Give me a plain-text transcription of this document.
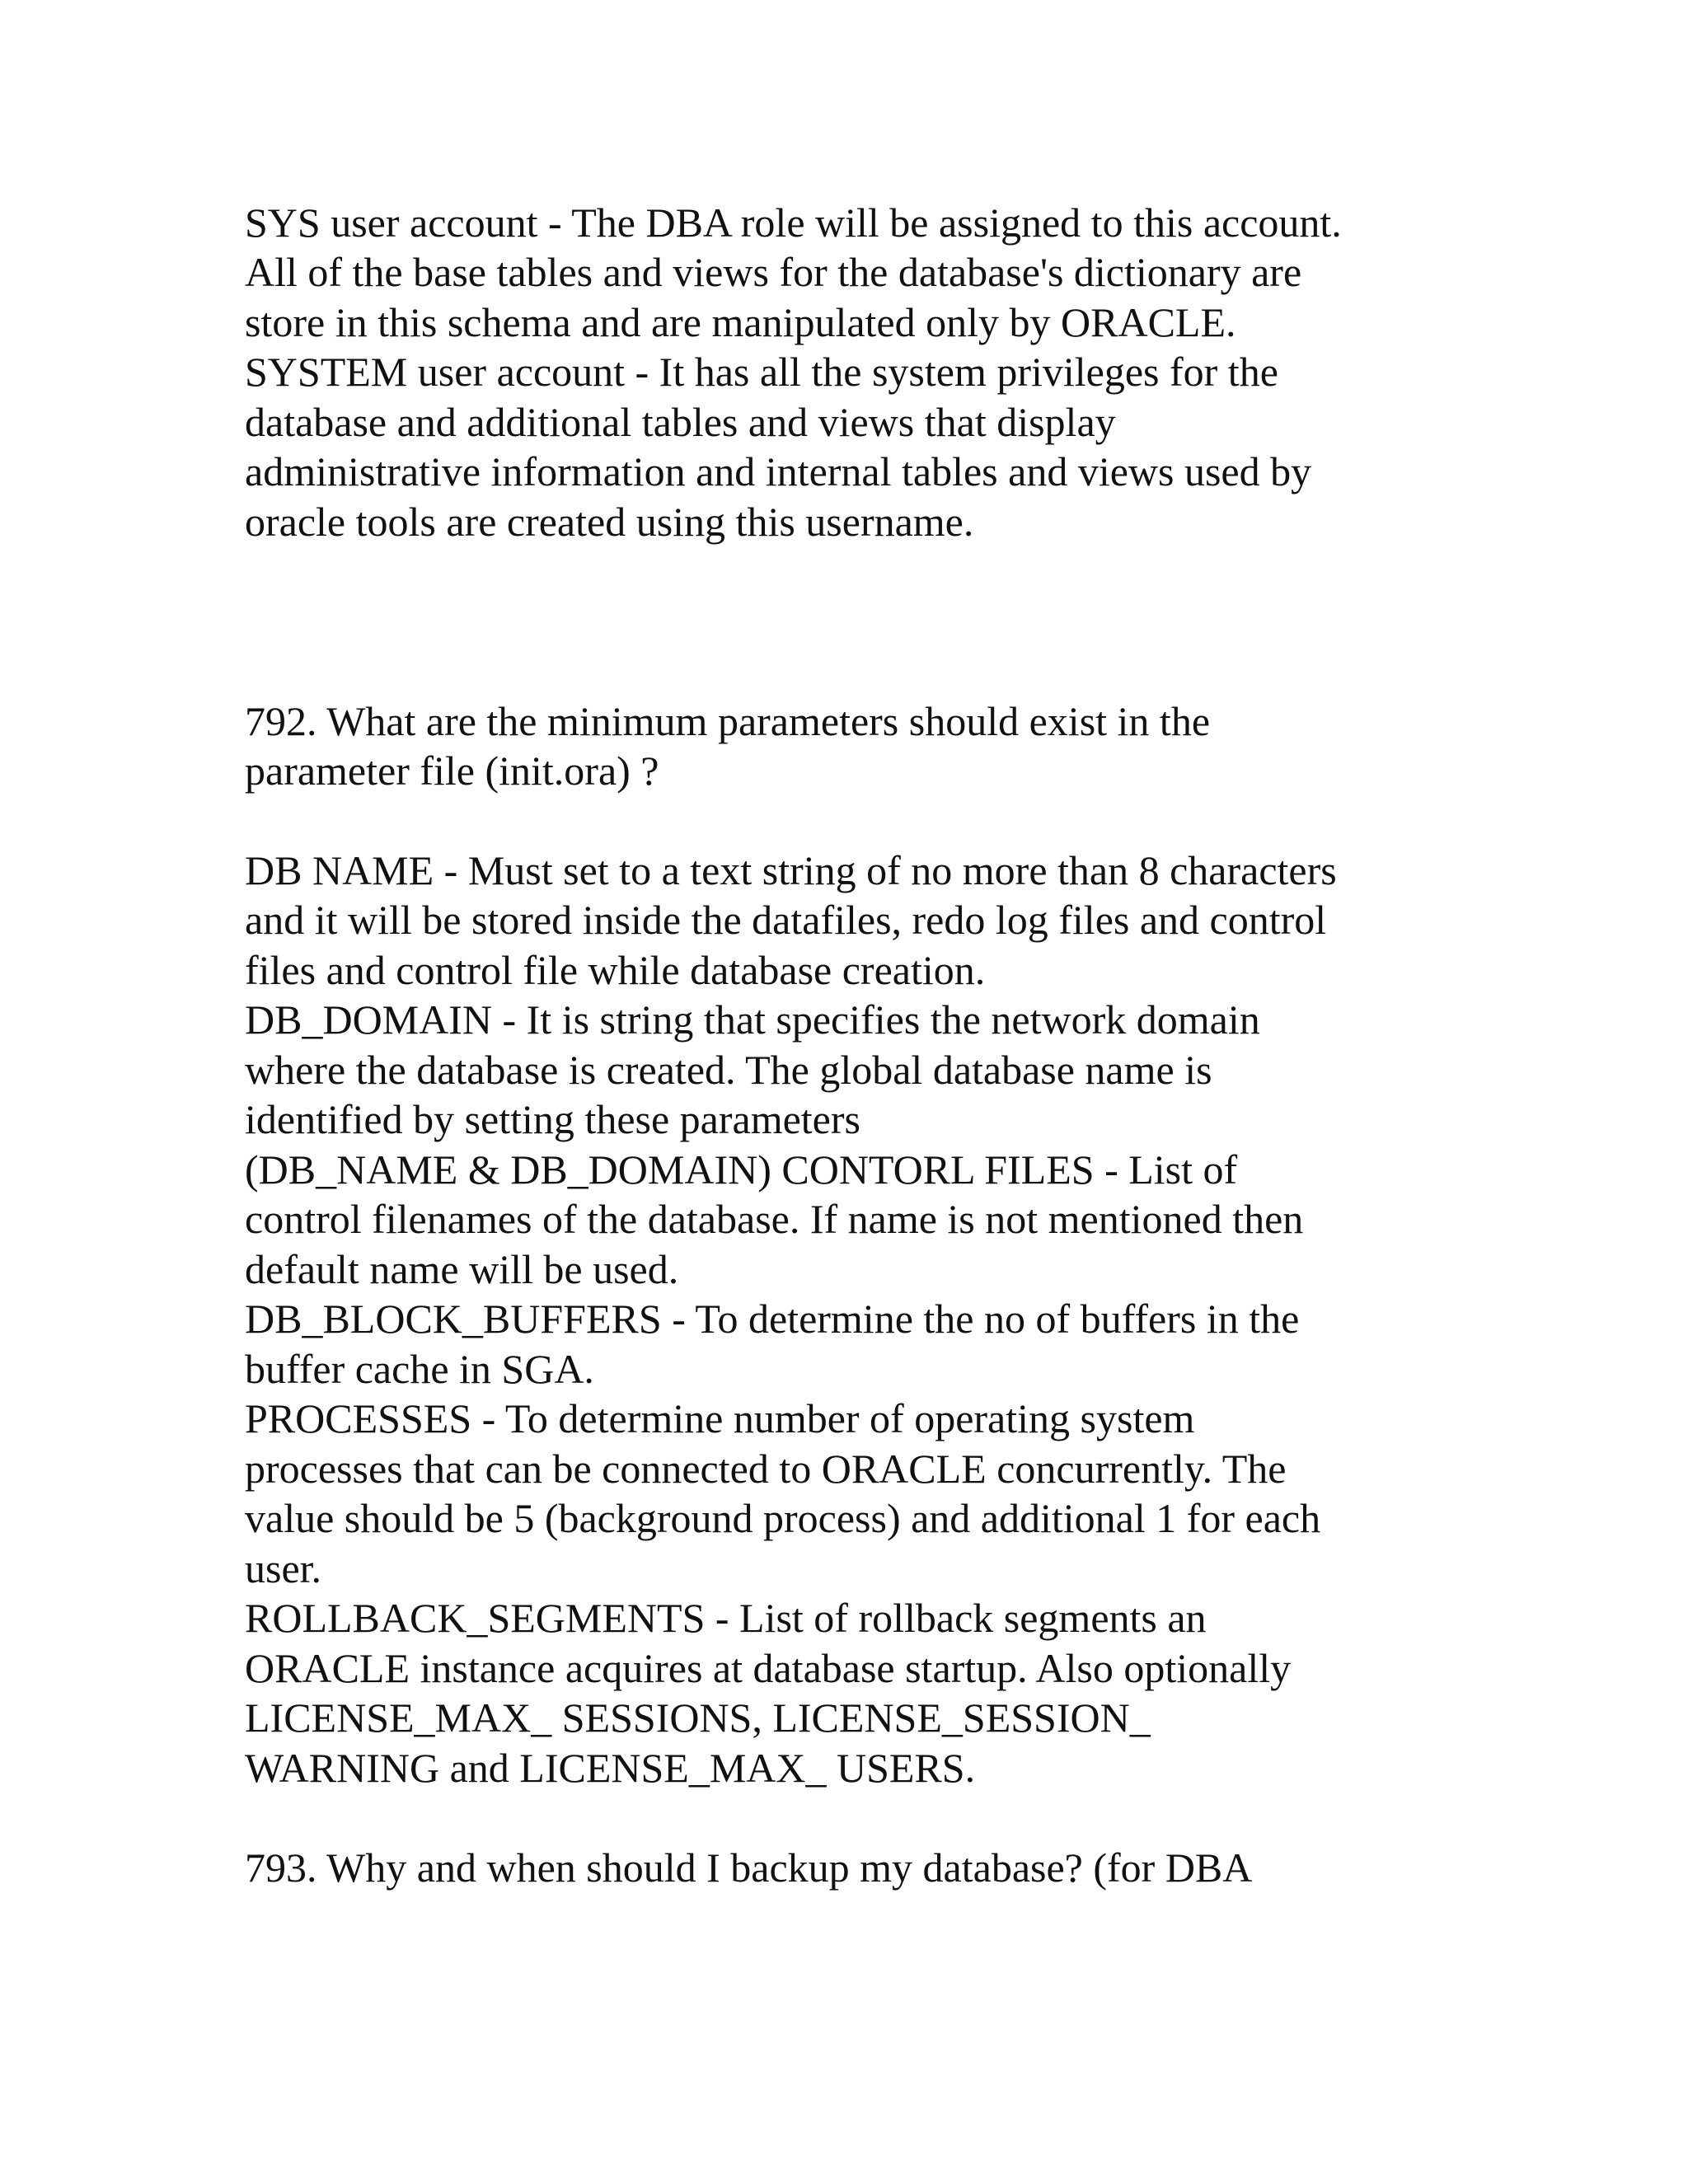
SYS user account - The DBA role will be assigned to this account.

All of the base tables and views for the database's dictionary are

store in this schema and are manipulated only by ORACLE.

SYSTEM user account - It has all the system privileges for the

database and additional tables and views that display

administrative information and internal tables and views used by

oracle tools are created using this username.

792. What are the minimum parameters should exist in the

parameter file (init.ora) ?

DB NAME - Must set to a text string of no more than 8 characters

and it will be stored inside the datafiles, redo log files and control

files and control file while database creation.

DB_DOMAIN - It is string that specifies the network domain

where the database is created. The global database name is

identified by setting these parameters

(DB_NAME & DB_DOMAIN) CONTORL FILES - List of

control filenames of the database. If name is not mentioned then

default name will be used.

DB_BLOCK_BUFFERS - To determine the no of buffers in the

buffer cache in SGA.

PROCESSES - To determine number of operating system

processes that can be connected to ORACLE concurrently. The

value should be 5 (background process) and additional 1 for each

user.

ROLLBACK_SEGMENTS - List of rollback segments an

ORACLE instance acquires at database startup. Also optionally

LICENSE_MAX_ SESSIONS, LICENSE_SESSION_

WARNING and LICENSE_MAX_ USERS.

793. Why and when should I backup my database? (for DBA
